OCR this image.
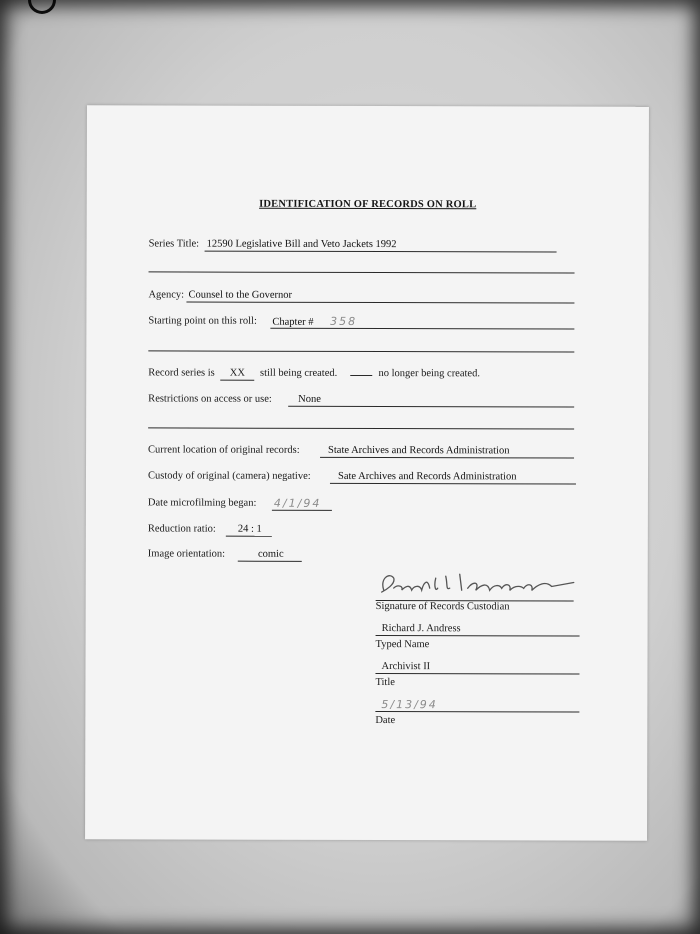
IDENTIFICATION OF RECORDS ON ROLL
Series Title: 12590 Legislative Bill and Veto Jackets 1992
Agency: Counsel to the Governor
Starting point on this roll: Chapter # 358
Record series is XX still being created.	no longer being created.
Restrictions on access or use:	None
Current location of original records:	State Archives and Records Administration
Custody of original (camera) negative:	Sate Archives and Records Administration
Date microfilming began: 4/1/94
Reduction ratio:	24 : 1
Image orientation:	comic
Signature of Records Custodian
Richard J. Andress
Typed Name
Archivist II
Title
5/13/94
Date
